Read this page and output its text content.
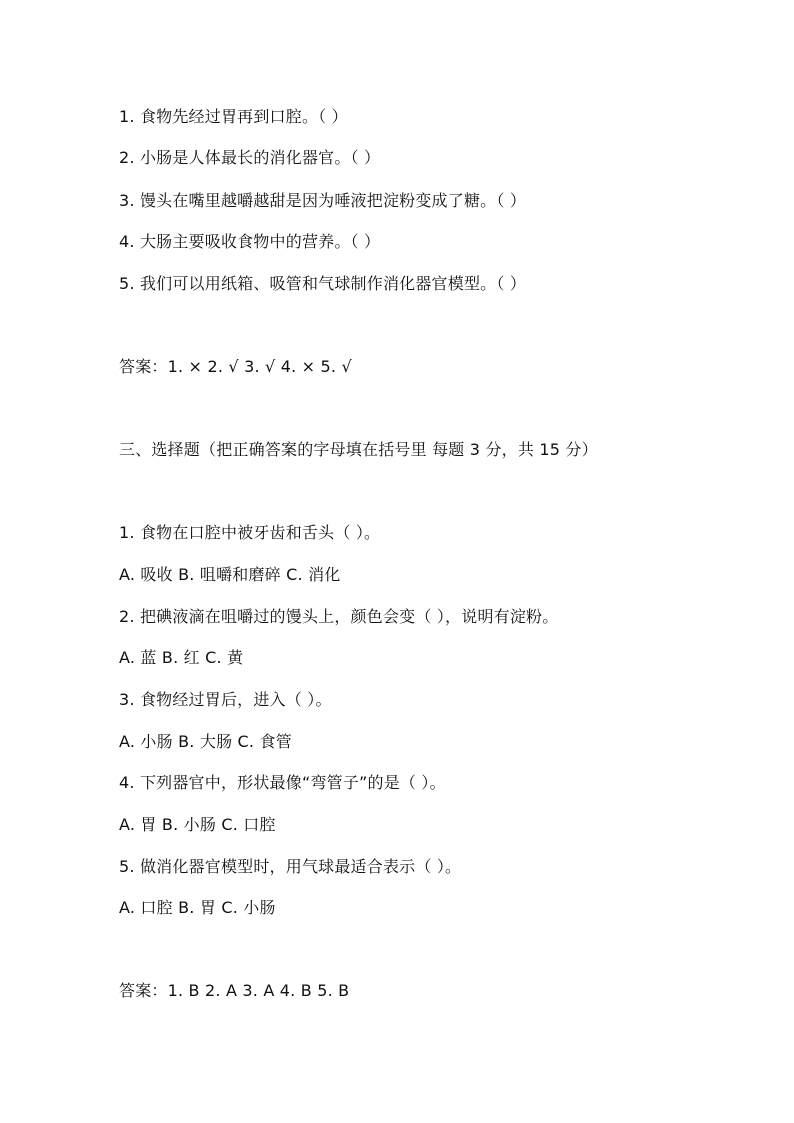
1. 食物先经过胃再到口腔。（ ）
2. 小肠是人体最长的消化器官。（ ）
3. 馒头在嘴里越嚼越甜是因为唾液把淀粉变成了糖。（ ）
4. 大肠主要吸收食物中的营养。（ ）
5. 我们可以用纸箱、吸管和气球制作消化器官模型。（ ）
答案：1. × 2. √ 3. √ 4. × 5. √
三、选择题（把正确答案的字母填在括号里 每题 3 分，共 15 分）
1. 食物在口腔中被牙齿和舌头（ ）。
A. 吸收 B. 咀嚼和磨碎 C. 消化
2. 把碘液滴在咀嚼过的馒头上，颜色会变（ ），说明有淀粉。
A. 蓝 B. 红 C. 黄
3. 食物经过胃后，进入（ ）。
A. 小肠 B. 大肠 C. 食管
4. 下列器官中，形状最像“弯管子”的是（ ）。
A. 胃 B. 小肠 C. 口腔
5. 做消化器官模型时，用气球最适合表示（ ）。
A. 口腔 B. 胃 C. 小肠
答案：1. B 2. A 3. A 4. B 5. B
